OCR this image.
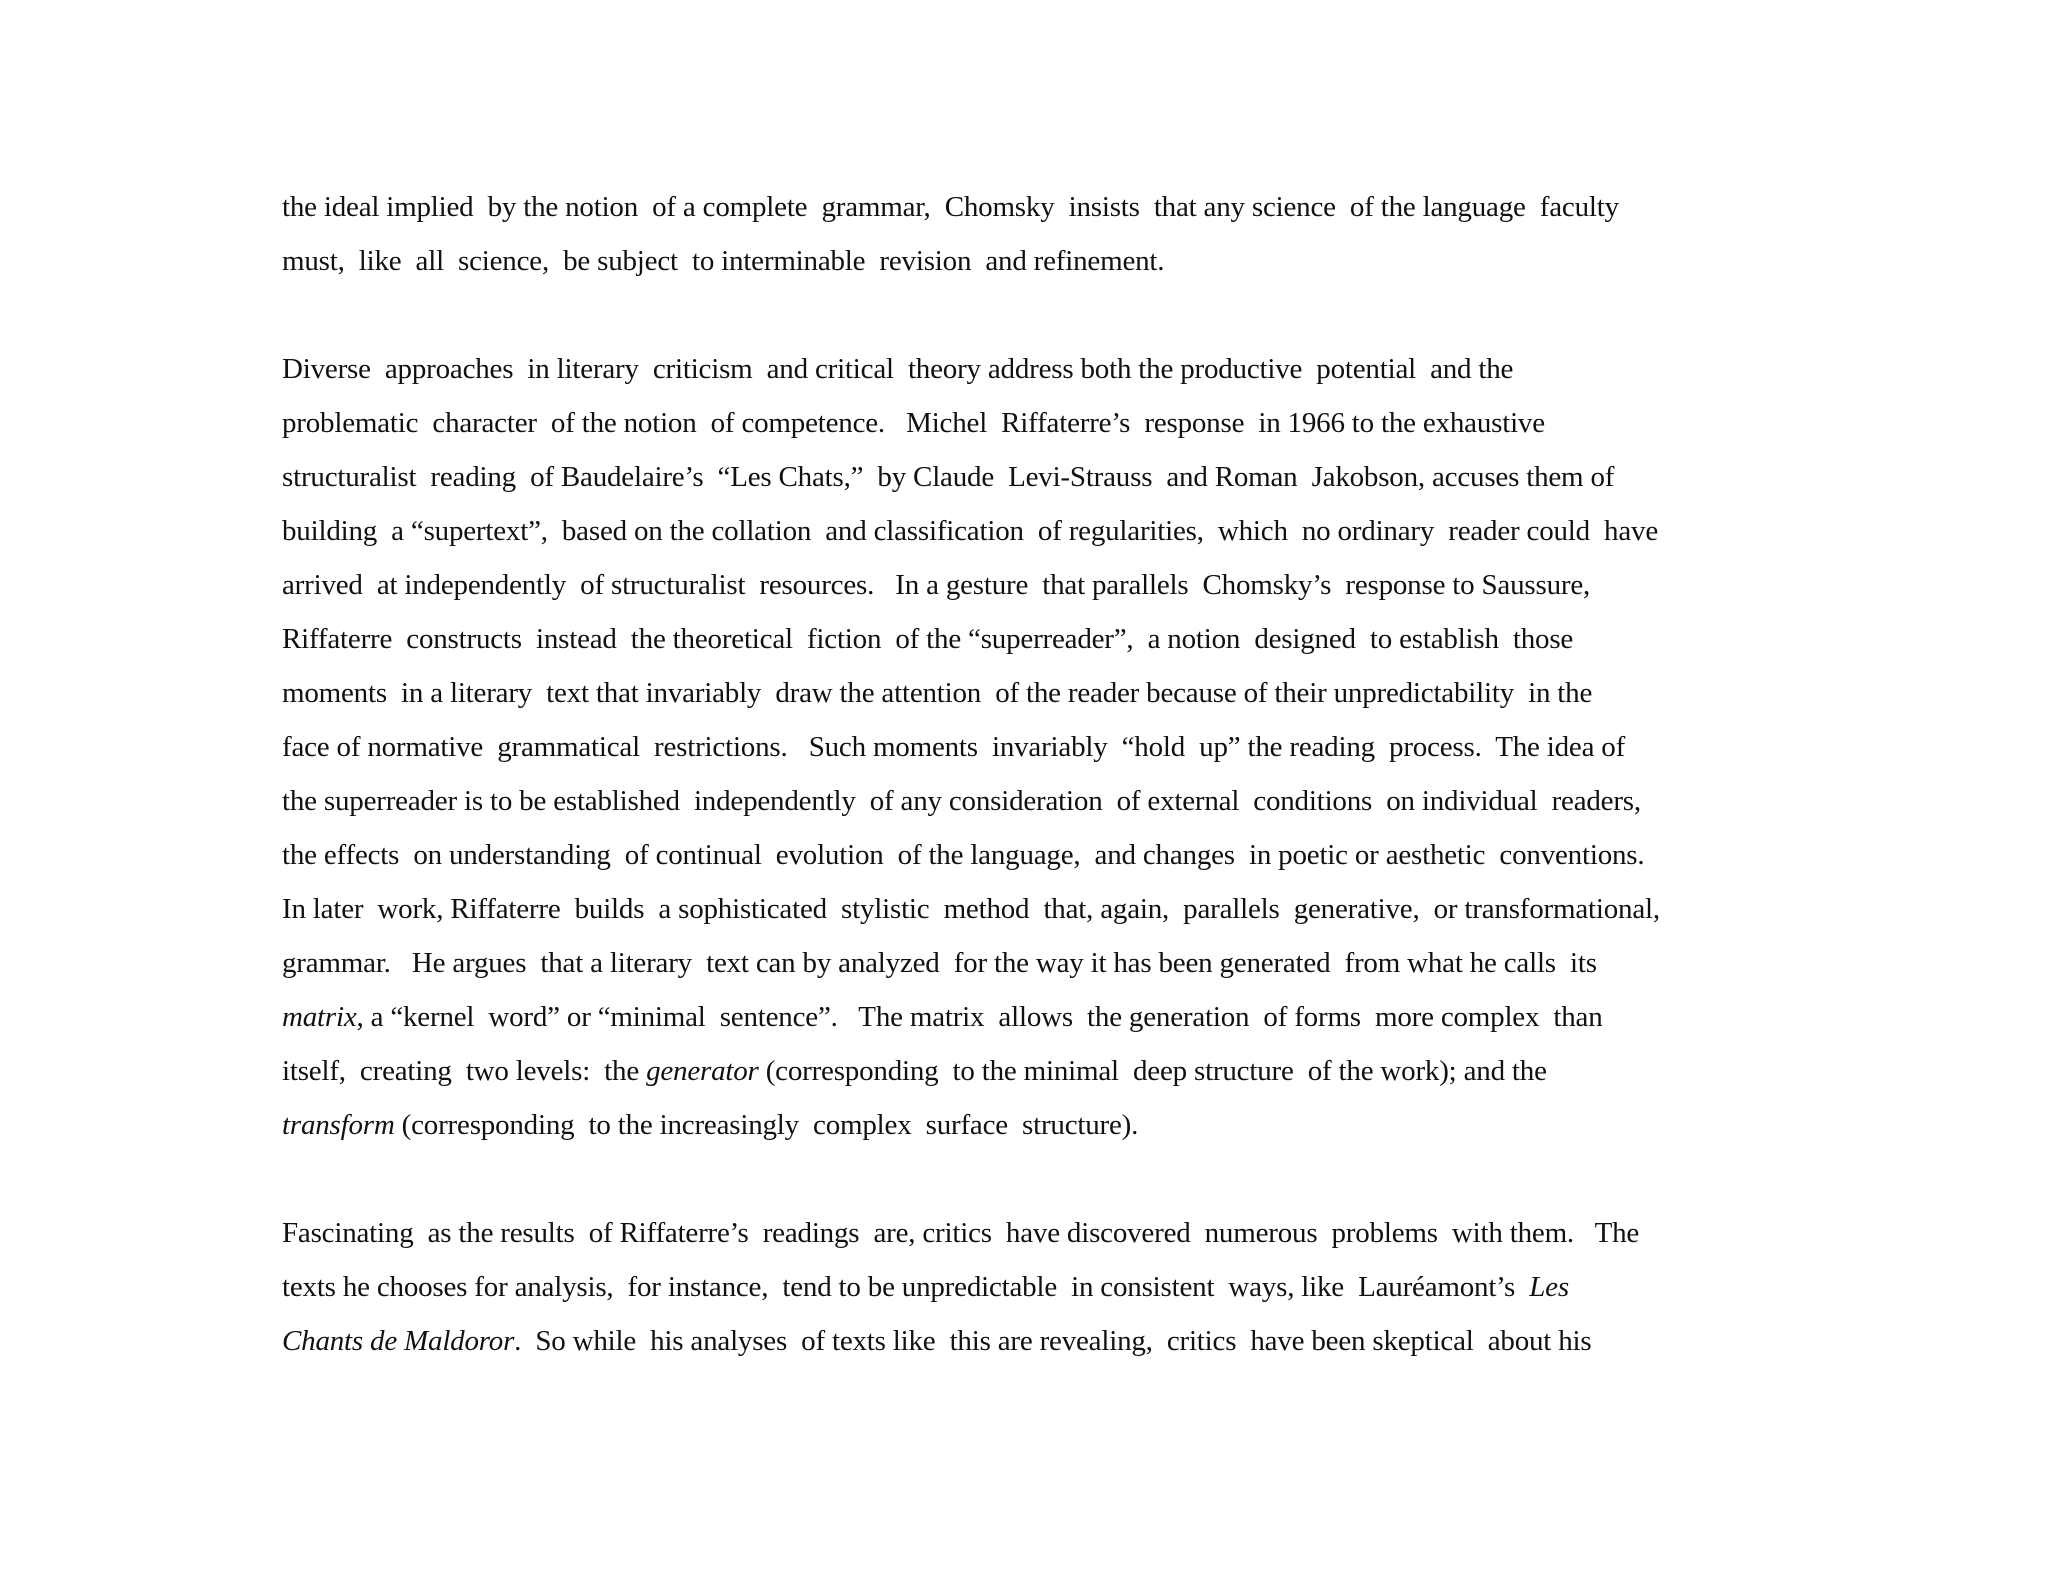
the ideal implied  by the notion  of a complete  grammar,  Chomsky  insists  that any science  of the language  faculty
must,  like  all  science,  be subject  to interminable  revision  and refinement.
Diverse  approaches  in literary  criticism  and critical  theory address both the productive  potential  and the
problematic  character  of the notion  of competence.   Michel  Riffaterre’s  response  in 1966 to the exhaustive
structuralist  reading  of Baudelaire’s  “Les Chats,”  by Claude  Levi-Strauss  and Roman  Jakobson, accuses them of
building  a “supertext”,  based on the collation  and classification  of regularities,  which  no ordinary  reader could  have
arrived  at independently  of structuralist  resources.   In a gesture  that parallels  Chomsky’s  response to Saussure,
Riffaterre  constructs  instead  the theoretical  fiction  of the “superreader”,  a notion  designed  to establish  those
moments  in a literary  text that invariably  draw the attention  of the reader because of their unpredictability  in the
face of normative  grammatical  restrictions.   Such moments  invariably  “hold  up” the reading  process.  The idea of
the superreader is to be established  independently  of any consideration  of external  conditions  on individual  readers,
the effects  on understanding  of continual  evolution  of the language,  and changes  in poetic or aesthetic  conventions.
In later  work, Riffaterre  builds  a sophisticated  stylistic  method  that, again,  parallels  generative,  or transformational,
grammar.   He argues  that a literary  text can by analyzed  for the way it has been generated  from what he calls  its
matrix, a “kernel  word” or “minimal  sentence”.   The matrix  allows  the generation  of forms  more complex  than
itself,  creating  two levels:  the generator (corresponding  to the minimal  deep structure  of the work); and the
transform (corresponding  to the increasingly  complex  surface  structure).
Fascinating  as the results  of Riffaterre’s  readings  are, critics  have discovered  numerous  problems  with them.   The
texts he chooses for analysis,  for instance,  tend to be unpredictable  in consistent  ways, like  Lauréamont’s  Les
Chants de Maldoror.  So while  his analyses  of texts like  this are revealing,  critics  have been skeptical  about his
